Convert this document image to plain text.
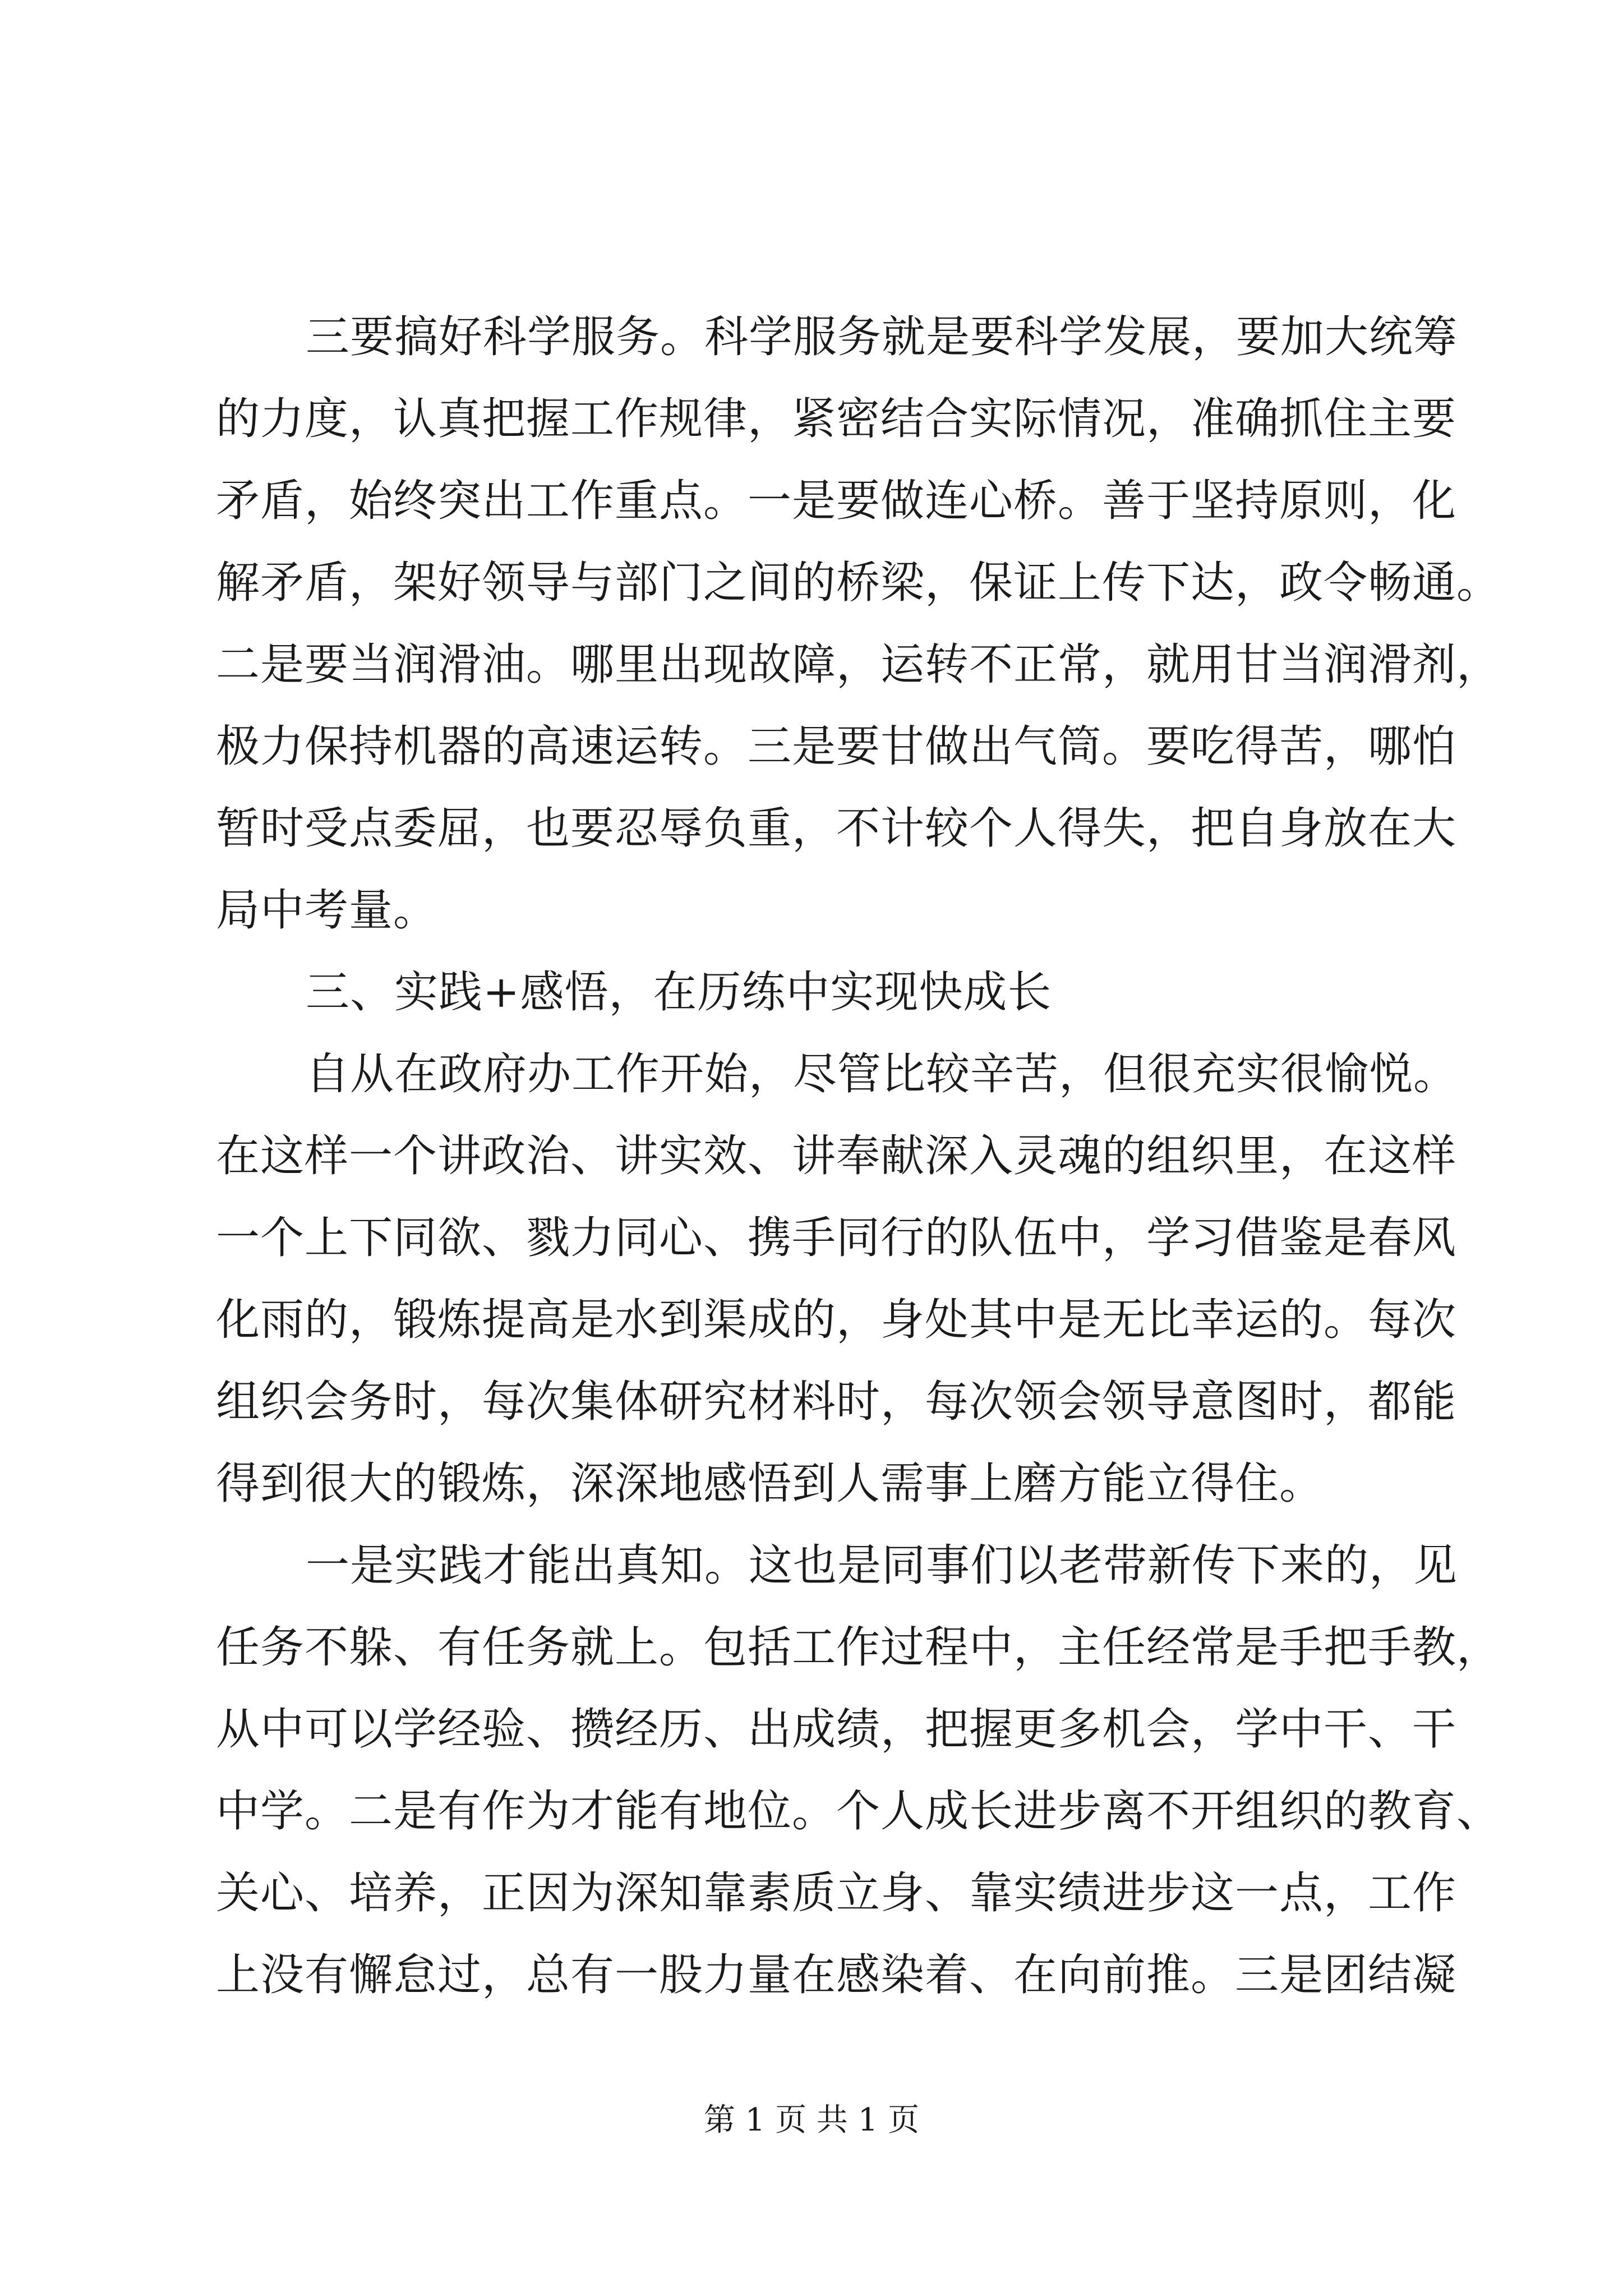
三要搞好科学服务。科学服务就是要科学发展，要加大统筹
的力度，认真把握工作规律，紧密结合实际情况，准确抓住主要
矛盾，始终突出工作重点。一是要做连心桥。善于坚持原则，化
解矛盾，架好领导与部门之间的桥梁，保证上传下达，政令畅通。
二是要当润滑油。哪里出现故障，运转不正常，就用甘当润滑剂，
极力保持机器的高速运转。三是要甘做出气筒。要吃得苦，哪怕
暂时受点委屈，也要忍辱负重，不计较个人得失，把自身放在大
局中考量。
三、实践+感悟，在历练中实现快成长
自从在政府办工作开始，尽管比较辛苦，但很充实很愉悦。
在这样一个讲政治、讲实效、讲奉献深入灵魂的组织里，在这样
一个上下同欲、戮力同心、携手同行的队伍中，学习借鉴是春风
化雨的，锻炼提高是水到渠成的，身处其中是无比幸运的。每次
组织会务时，每次集体研究材料时，每次领会领导意图时，都能
得到很大的锻炼，深深地感悟到人需事上磨方能立得住。
一是实践才能出真知。这也是同事们以老带新传下来的，见
任务不躲、有任务就上。包括工作过程中，主任经常是手把手教，
从中可以学经验、攒经历、出成绩，把握更多机会，学中干、干
中学。二是有作为才能有地位。个人成长进步离不开组织的教育、
关心、培养，正因为深知靠素质立身、靠实绩进步这一点，工作
上没有懈怠过，总有一股力量在感染着、在向前推。三是团结凝
第 1 页 共 1 页
